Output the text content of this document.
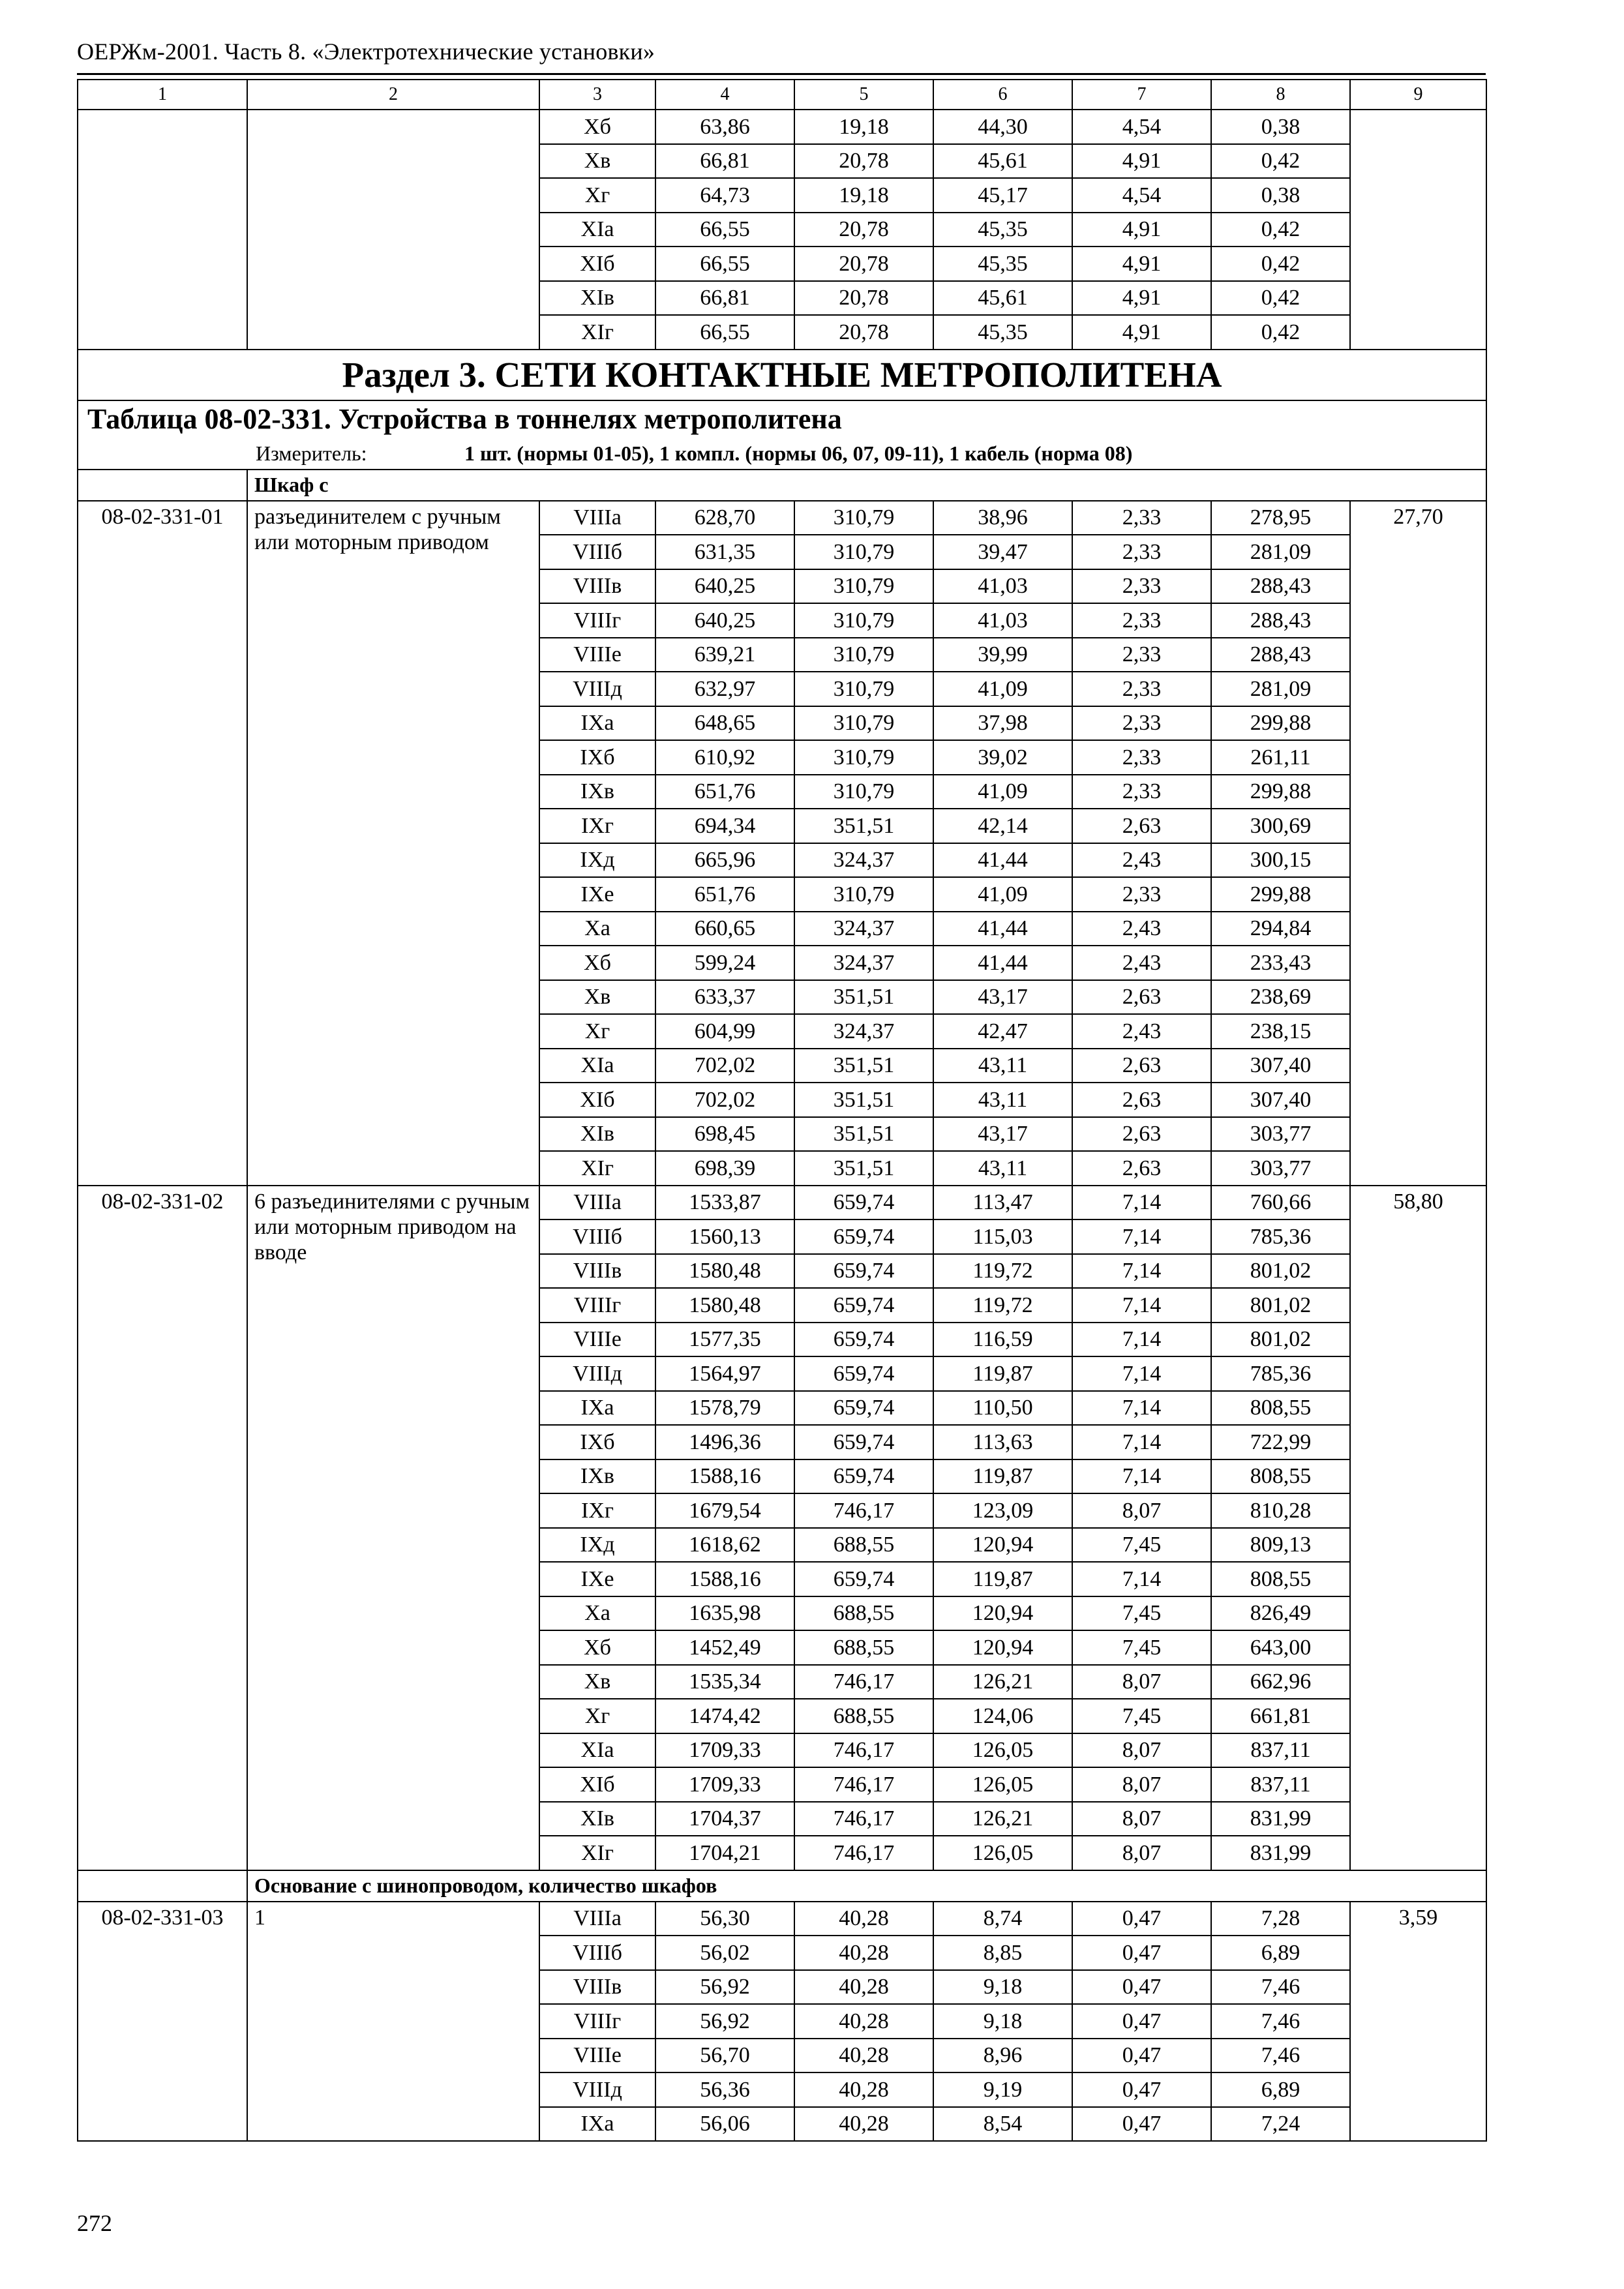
ОЕРЖм-2001. Часть 8. «Электротехнические установки»
1	2	3	4	5	6	7	8	9
		Хб	63,86	19,18	44,30	4,54	0,38	
		Хв	66,81	20,78	45,61	4,91	0,42	
		Хг	64,73	19,18	45,17	4,54	0,38	
		XIа	66,55	20,78	45,35	4,91	0,42	
		XIб	66,55	20,78	45,35	4,91	0,42	
		XIв	66,81	20,78	45,61	4,91	0,42	
		XIг	66,55	20,78	45,35	4,91	0,42	
Раздел 3. СЕТИ КОНТАКТНЫЕ МЕТРОПОЛИТЕНА								
Таблица 08-02-331. Устройства в тоннелях метрополитена								
Измеритель: 1 шт. (нормы 01-05), 1 компл. (нормы 06, 07, 09-11), 1 кабель (норма 08)								
	Шкаф с							
08-02-331-01	разъединителем с ручным или моторным приводом	VIIIа	628,70	310,79	38,96	2,33	278,95	27,70
		VIIIб	631,35	310,79	39,47	2,33	281,09	
		VIIIв	640,25	310,79	41,03	2,33	288,43	
		VIIIг	640,25	310,79	41,03	2,33	288,43	
		VIIIе	639,21	310,79	39,99	2,33	288,43	
		VIIIд	632,97	310,79	41,09	2,33	281,09	
		IXа	648,65	310,79	37,98	2,33	299,88	
		IXб	610,92	310,79	39,02	2,33	261,11	
		IXв	651,76	310,79	41,09	2,33	299,88	
		IXг	694,34	351,51	42,14	2,63	300,69	
		IXд	665,96	324,37	41,44	2,43	300,15	
		IXе	651,76	310,79	41,09	2,33	299,88	
		Ха	660,65	324,37	41,44	2,43	294,84	
		Хб	599,24	324,37	41,44	2,43	233,43	
		Хв	633,37	351,51	43,17	2,63	238,69	
		Хг	604,99	324,37	42,47	2,43	238,15	
		XIа	702,02	351,51	43,11	2,63	307,40	
		XIб	702,02	351,51	43,11	2,63	307,40	
		XIв	698,45	351,51	43,17	2,63	303,77	
		XIг	698,39	351,51	43,11	2,63	303,77	
08-02-331-02	6 разъединителями с ручным или моторным приводом на вводе	VIIIа	1533,87	659,74	113,47	7,14	760,66	58,80
		VIIIб	1560,13	659,74	115,03	7,14	785,36	
		VIIIв	1580,48	659,74	119,72	7,14	801,02	
		VIIIг	1580,48	659,74	119,72	7,14	801,02	
		VIIIе	1577,35	659,74	116,59	7,14	801,02	
		VIIIд	1564,97	659,74	119,87	7,14	785,36	
		IXа	1578,79	659,74	110,50	7,14	808,55	
		IXб	1496,36	659,74	113,63	7,14	722,99	
		IXв	1588,16	659,74	119,87	7,14	808,55	
		IXг	1679,54	746,17	123,09	8,07	810,28	
		IXд	1618,62	688,55	120,94	7,45	809,13	
		IXе	1588,16	659,74	119,87	7,14	808,55	
		Ха	1635,98	688,55	120,94	7,45	826,49	
		Хб	1452,49	688,55	120,94	7,45	643,00	
		Хв	1535,34	746,17	126,21	8,07	662,96	
		Хг	1474,42	688,55	124,06	7,45	661,81	
		XIа	1709,33	746,17	126,05	8,07	837,11	
		XIб	1709,33	746,17	126,05	8,07	837,11	
		XIв	1704,37	746,17	126,21	8,07	831,99	
		XIг	1704,21	746,17	126,05	8,07	831,99	
	Основание с шинопроводом, количество шкафов							
08-02-331-03	1	VIIIа	56,30	40,28	8,74	0,47	7,28	3,59
		VIIIб	56,02	40,28	8,85	0,47	6,89	
		VIIIв	56,92	40,28	9,18	0,47	7,46	
		VIIIг	56,92	40,28	9,18	0,47	7,46	
		VIIIе	56,70	40,28	8,96	0,47	7,46	
		VIIIд	56,36	40,28	9,19	0,47	6,89	
		IXа	56,06	40,28	8,54	0,47	7,24	
272
